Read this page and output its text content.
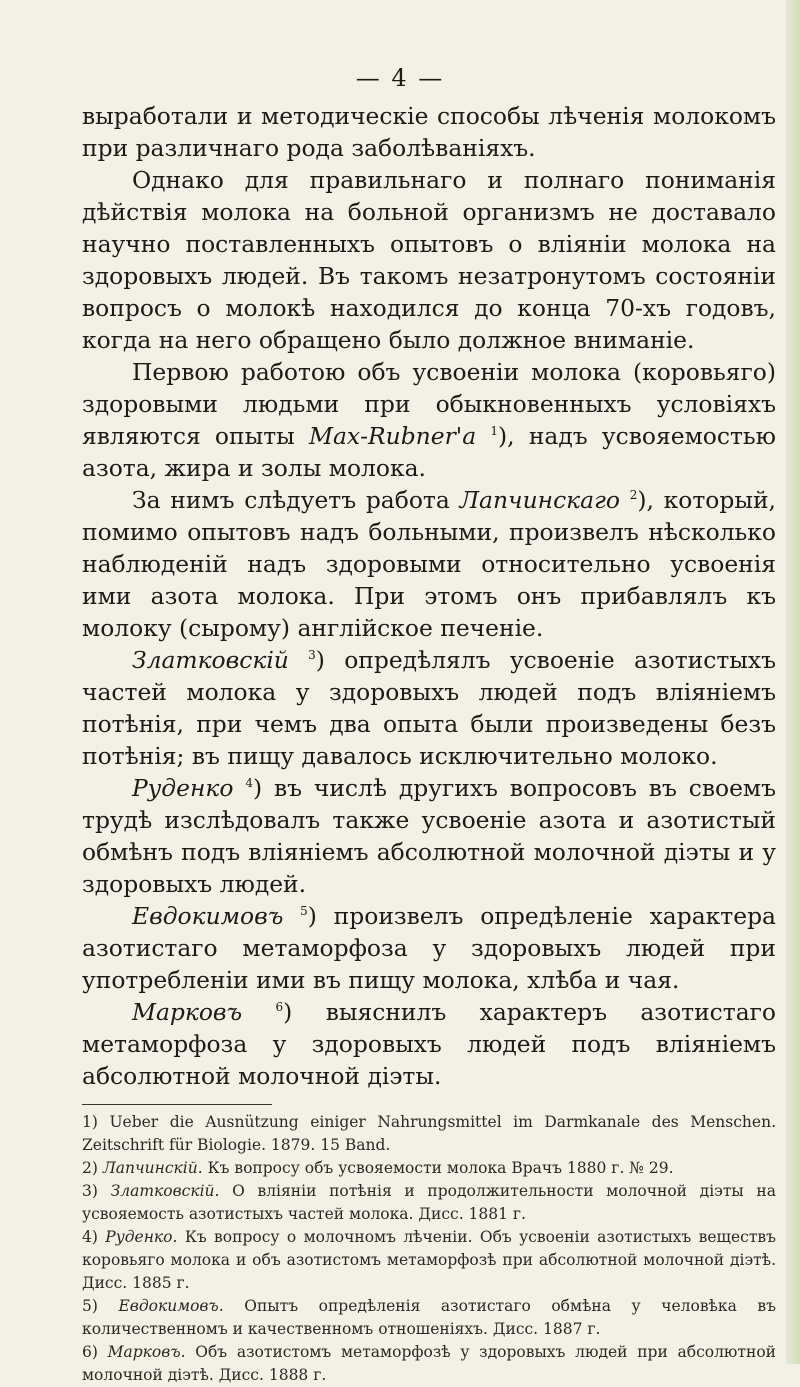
— 4 —

выработали и методическіе способы лѣченія молокомъ при различнаго рода заболѣваніяхъ.

Однако для правильнаго и полнаго пониманія дѣйствія молока на больной организмъ не доставало научно поставленныхъ опытовъ о вліяніи молока на здоровыхъ людей. Въ такомъ незатронутомъ состояніи вопросъ о молокѣ находился до конца 70-хъ годовъ, когда на него обращено было должное вниманіе.

Первою работою объ усвоеніи молока (коровьяго) здоровыми людьми при обыкновенныхъ условіяхъ являются опыты Мах-Rubner'а $^1$), надъ усвояемостью азота, жира и золы молока.

За нимъ слѣдуетъ работа Лапчинскаго $^2$), который, помимо опытовъ надъ больными, произвелъ нѣсколько наблюденій надъ здоровыми относительно усвоенія ими азота молока. При этомъ онъ прибавлялъ къ молоку (сырому) англійское печеніе.

Златковскій $^3$) опредѣлялъ усвоеніе азотистыхъ частей молока у здоровыхъ людей подъ вліяніемъ потѣнія, при чемъ два опыта были произведены безъ потѣнія; въ пищу давалось исключительно молоко.

Руденко $^4$) въ числѣ другихъ вопросовъ въ своемъ трудѣ изслѣдовалъ также усвоеніе азота и азотистый обмѣнъ подъ вліяніемъ абсолютной молочной діэты и у здоровыхъ людей.

Евдокимовъ $^5$) произвелъ опредѣленіе характера азотистаго метаморфоза у здоровыхъ людей при употребленіи ими въ пищу молока, хлѣба и чая.

Марковъ	$^6$) выяснилъ характеръ азотистаго метаморфоза у здоровыхъ людей подъ вліяніемъ абсолютной молочной діэты.

1) Ueber die Ausnützung einiger Nahrungsmittel im Darmkanale des Menschen. Zeitschrift für Biologie. 1879. 15 Band.

2) Лапчинскій. Къ вопросу объ усвояемости молока Врачъ 1880 г. № 29.

3) Златковскій. О вліяніи потѣнія и продолжительности молочной діэты на усвояемость азотистыхъ частей молока. Дисс. 1881 г.

4) Руденко. Къ вопросу о молочномъ лѣченіи. Объ усвоеніи азотистыхъ веществъ коровьяго молока и объ азотистомъ метаморфозѣ при абсолютной молочной діэтѣ. Дисс. 1885 г.

5) Евдокимовъ. Опытъ опредѣленія азотистаго обмѣна у человѣка въ количественномъ и качественномъ отношеніяхъ. Дисс. 1887 г.

6) Марковъ. Объ азотистомъ метаморфозѣ у здоровыхъ людей при абсолютной молочной діэтѣ. Дисс. 1888 г.
